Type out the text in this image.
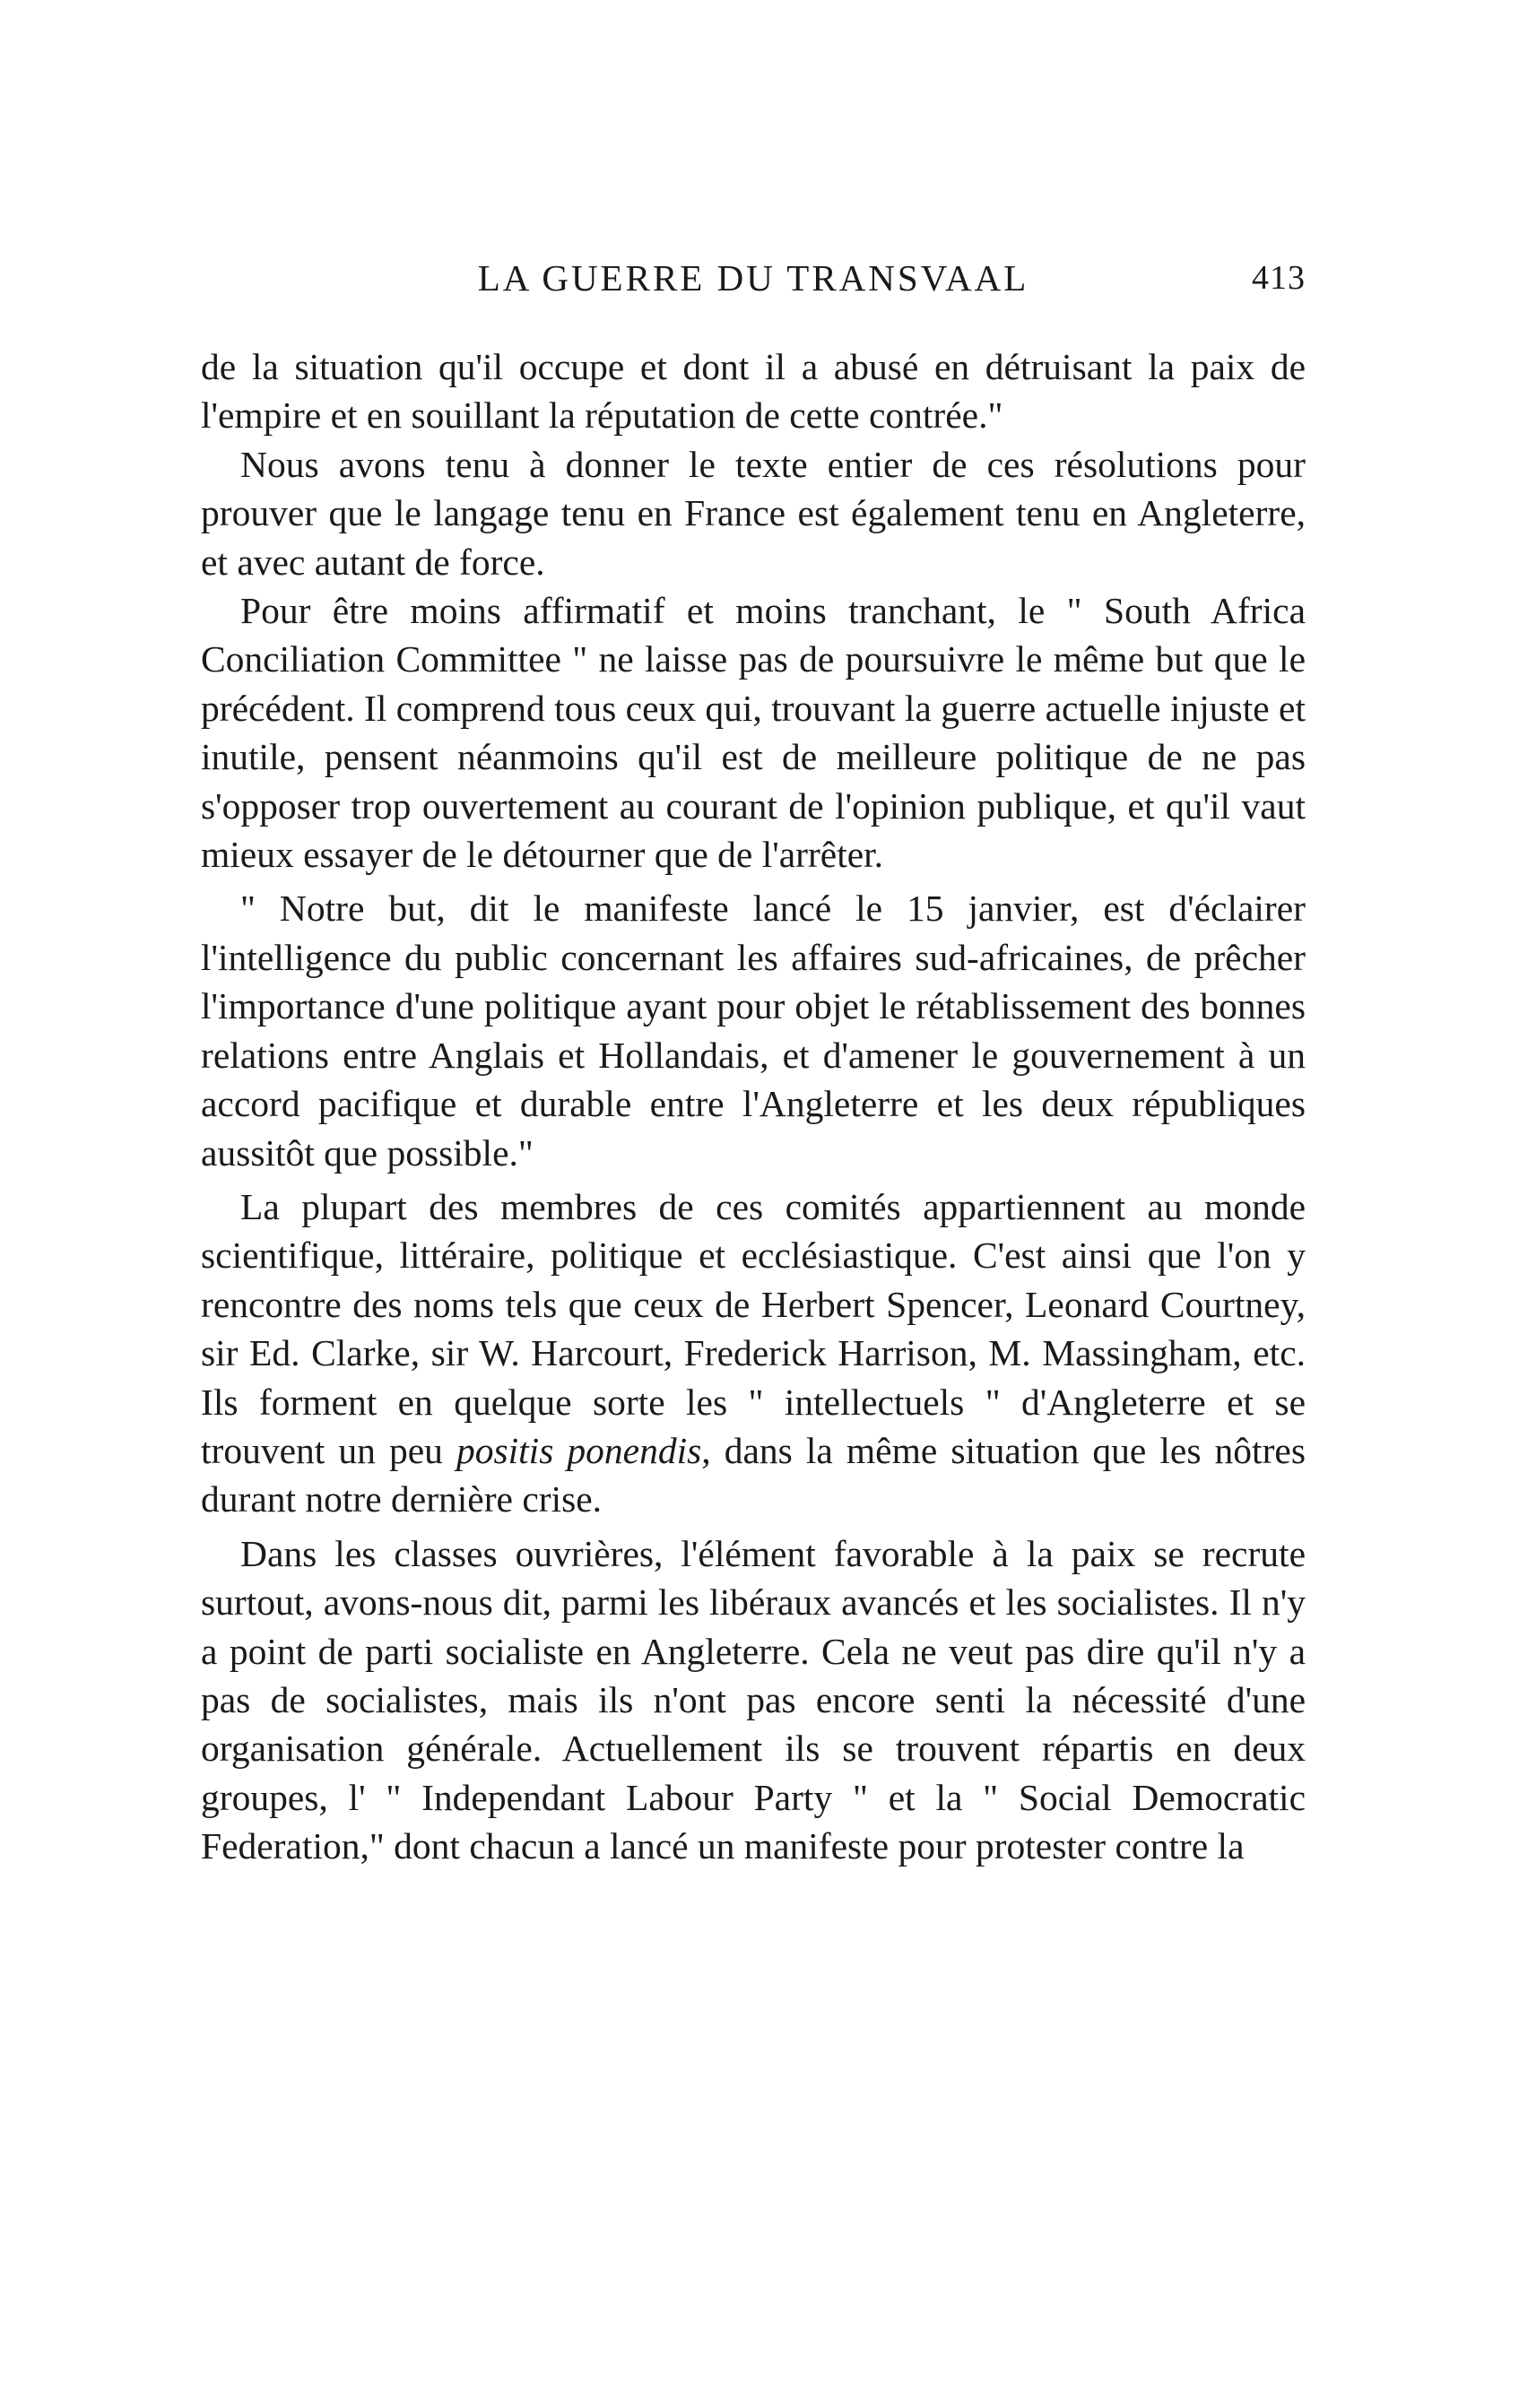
LA GUERRE DU TRANSVAAL	413

de la situation qu'il occupe et dont il a abusé en détruisant la paix de l'empire et en souillant la réputation de cette contrée."

Nous avons tenu à donner le texte entier de ces résolutions pour prouver que le langage tenu en France est également tenu en Angleterre, et avec autant de force.

Pour être moins affirmatif et moins tranchant, le " South Africa Conciliation Committee " ne laisse pas de poursuivre le même but que le précédent. Il comprend tous ceux qui, trouvant la guerre actuelle injuste et inutile, pensent néanmoins qu'il est de meilleure politique de ne pas s'opposer trop ouvertement au courant de l'opinion publique, et qu'il vaut mieux essayer de le détourner que de l'arrêter.

" Notre but, dit le manifeste lancé le 15 janvier, est d'éclairer l'intelligence du public concernant les affaires sud-africaines, de prêcher l'importance d'une politique ayant pour objet le rétablissement des bonnes relations entre Anglais et Hollandais, et d'amener le gouvernement à un accord pacifique et durable entre l'Angleterre et les deux républiques aussitôt que possible."

La plupart des membres de ces comités appartiennent au monde scientifique, littéraire, politique et ecclésiastique. C'est ainsi que l'on y rencontre des noms tels que ceux de Herbert Spencer, Leonard Courtney, sir Ed. Clarke, sir W. Harcourt, Frederick Harrison, M. Massingham, etc. Ils forment en quelque sorte les " intellectuels " d'Angleterre et se trouvent un peu positis ponendis, dans la même situation que les nôtres durant notre dernière crise.

Dans les classes ouvrières, l'élément favorable à la paix se recrute surtout, avons-nous dit, parmi les libéraux avancés et les socialistes. Il n'y a point de parti socialiste en Angleterre. Cela ne veut pas dire qu'il n'y a pas de socialistes, mais ils n'ont pas encore senti la nécessité d'une organisation générale. Actuellement ils se trouvent répartis en deux groupes, l' " Independant Labour Party " et la " Social Democratic Federation," dont chacun a lancé un manifeste pour protester contre la
